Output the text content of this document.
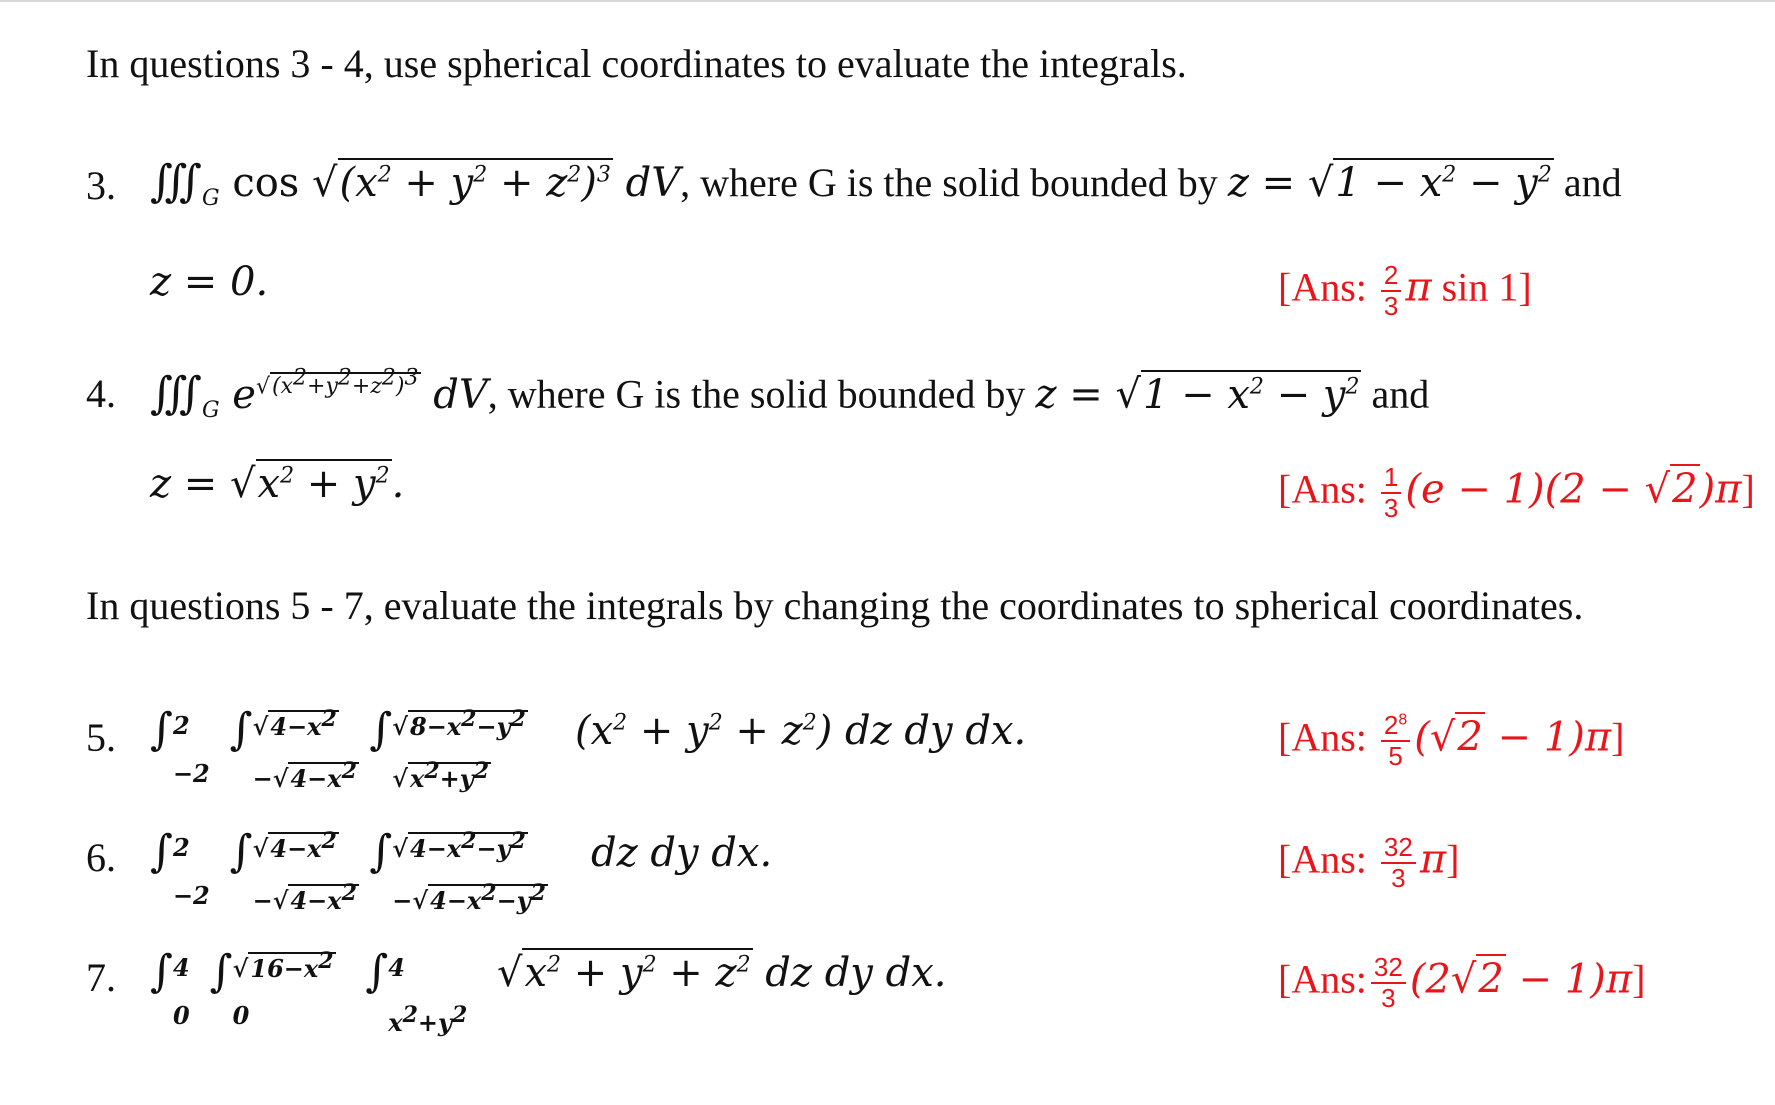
In questions 3 - 4, use spherical coordinates to evaluate the integrals.
3. $∭_G$ $\cos √(x^2 + y^2 + z^2)^3$ dV, where G is the solid bounded by $z = √1 - x^2 - y^2$ and
z = 0.	[Ans: $\frac{2}{3}$ π sin 1]
4. $∭_G$ $e^{√(x^2+y^2+z^2)^3}$ dV, where G is the solid bounded by $z = √1 - x^2 - y^2$ and
$z = √x^2 + y^2$.	[Ans: $\frac{1}{3} (e - 1)(2 - √2)\pi$]
In questions 5 - 7, evaluate the integrals by changing the coordinates to spherical coordinates.
5. ∫ 2
−2
∫ $√4-x^2$
$-√4-x^2$
∫ $√8-x^2-y^2$
$√x^2+y^2$
$(x^2 + y^2 + z^2)$ dz dy dx.	[Ans: $\frac{2^8}{5} (√2 - 1)\pi$]
6. ∫ 2
−2
∫ $√4-x^2$
$-√4-x^2$
∫ $√4-x^2-y^2$
$-√4-x^2-y^2$
dz dy dx.	[Ans: $\frac{32}{3} \pi$]
7. ∫ 4
0
∫ $√16-x^2$
0
∫ 4
$x^2+y^2$
$√x^2 + y^2 + z^2$ dz dy dx.	[Ans: $\frac{32}{3} (2√2 - 1)\pi$]
